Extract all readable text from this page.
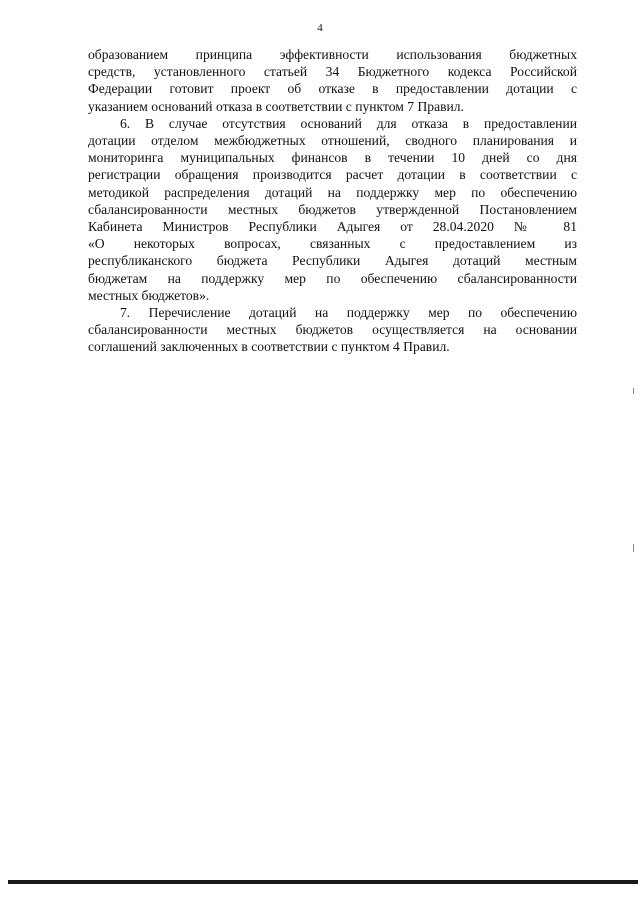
4
образованием принципа эффективности использования бюджетных
средств, установленного статьей 34 Бюджетного кодекса Российской
Федерации готовит проект об отказе в предоставлении дотации с
указанием оснований отказа в соответствии с пунктом 7 Правил.
6. В случае отсутствия оснований для отказа в предоставлении
дотации отделом межбюджетных отношений, сводного планирования и
мониторинга муниципальных финансов в течении 10 дней со дня
регистрации обращения производится расчет дотации в соответствии с
методикой распределения дотаций на поддержку мер по обеспечению
сбалансированности местных бюджетов утвержденной Постановлением
Кабинета Министров Республики Адыгея от 28.04.2020 № 81
«О некоторых вопросах, связанных с предоставлением из
республиканского бюджета Республики Адыгея дотаций местным
бюджетам на поддержку мер по обеспечению сбалансированности
местных бюджетов».
7. Перечисление дотаций на поддержку мер по обеспечению
сбалансированности местных бюджетов осуществляется на основании
соглашений заключенных в соответствии с пунктом 4 Правил.
